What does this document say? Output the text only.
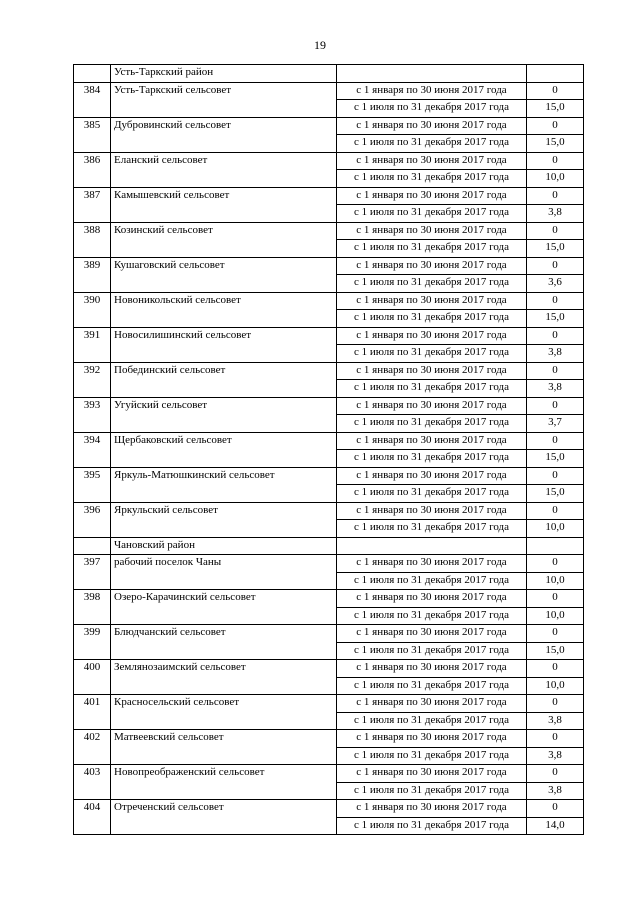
19
	Усть-Таркский район		
384	Усть-Таркский сельсовет	с 1 января по 30 июня 2017 года	0
		с 1 июля по 31 декабря 2017 года	15,0
385	Дубровинский сельсовет	с 1 января по 30 июня 2017 года	0
		с 1 июля по 31 декабря 2017 года	15,0
386	Еланский сельсовет	с 1 января по 30 июня 2017 года	0
		с 1 июля по 31 декабря 2017 года	10,0
387	Камышевский сельсовет	с 1 января по 30 июня 2017 года	0
		с 1 июля по 31 декабря 2017 года	3,8
388	Козинский сельсовет	с 1 января по 30 июня 2017 года	0
		с 1 июля по 31 декабря 2017 года	15,0
389	Кушаговский сельсовет	с 1 января по 30 июня 2017 года	0
		с 1 июля по 31 декабря 2017 года	3,6
390	Новоникольский сельсовет	с 1 января по 30 июня 2017 года	0
		с 1 июля по 31 декабря 2017 года	15,0
391	Новосилишинский сельсовет	с 1 января по 30 июня 2017 года	0
		с 1 июля по 31 декабря 2017 года	3,8
392	Побединский сельсовет	с 1 января по 30 июня 2017 года	0
		с 1 июля по 31 декабря 2017 года	3,8
393	Угуйский сельсовет	с 1 января по 30 июня 2017 года	0
		с 1 июля по 31 декабря 2017 года	3,7
394	Щербаковский сельсовет	с 1 января по 30 июня 2017 года	0
		с 1 июля по 31 декабря 2017 года	15,0
395	Яркуль-Матюшкинский сельсовет	с 1 января по 30 июня 2017 года	0
		с 1 июля по 31 декабря 2017 года	15,0
396	Яркульский сельсовет	с 1 января по 30 июня 2017 года	0
		с 1 июля по 31 декабря 2017 года	10,0
	Чановский район		
397	рабочий поселок Чаны	с 1 января по 30 июня 2017 года	0
		с 1 июля по 31 декабря 2017 года	10,0
398	Озеро-Карачинский сельсовет	с 1 января по 30 июня 2017 года	0
		с 1 июля по 31 декабря 2017 года	10,0
399	Блюдчанский сельсовет	с 1 января по 30 июня 2017 года	0
		с 1 июля по 31 декабря 2017 года	15,0
400	Землянозаимский сельсовет	с 1 января по 30 июня 2017 года	0
		с 1 июля по 31 декабря 2017 года	10,0
401	Красносельский сельсовет	с 1 января по 30 июня 2017 года	0
		с 1 июля по 31 декабря 2017 года	3,8
402	Матвеевский сельсовет	с 1 января по 30 июня 2017 года	0
		с 1 июля по 31 декабря 2017 года	3,8
403	Новопреображенский сельсовет	с 1 января по 30 июня 2017 года	0
		с 1 июля по 31 декабря 2017 года	3,8
404	Отреченский сельсовет	с 1 января по 30 июня 2017 года	0
		с 1 июля по 31 декабря 2017 года	14,0
